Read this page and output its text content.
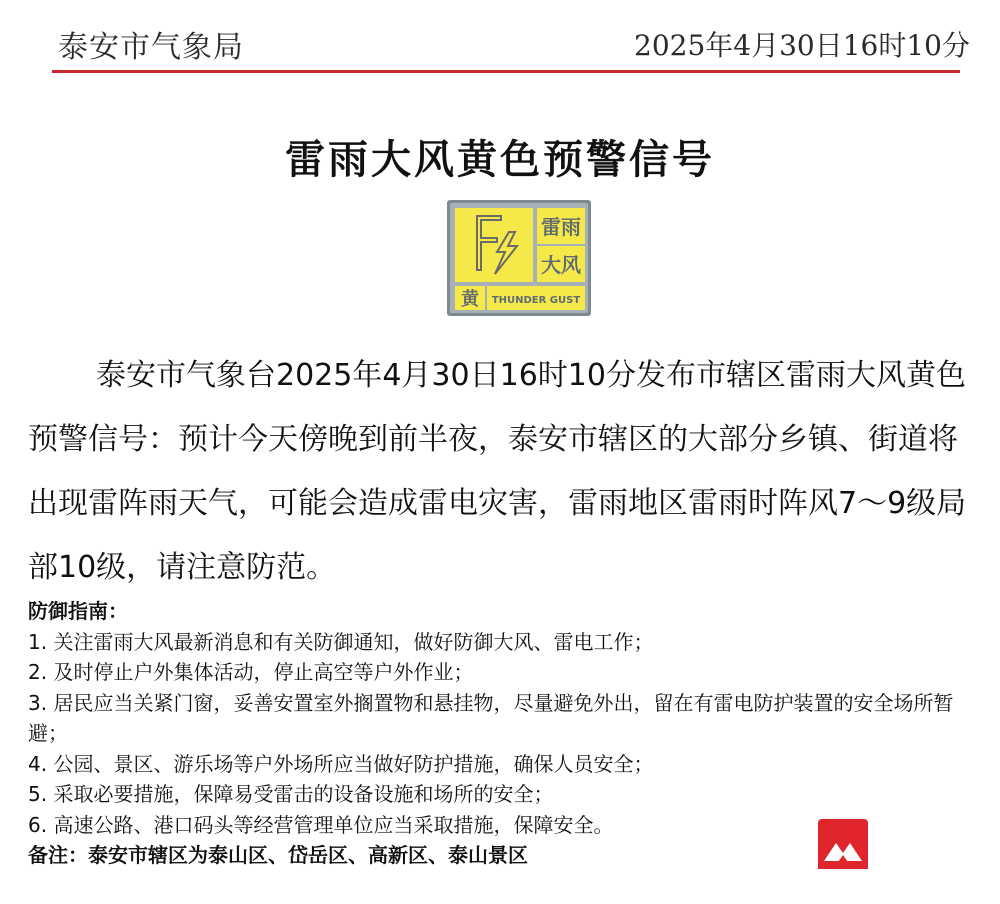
泰安市气象局	2025年4月30日16时10分
雷雨大风黄色预警信号
雷雨
大风
黄 THUNDER GUST

泰安市气象台2025年4月30日16时10分发布市辖区雷雨大风黄色预警信号：预计今天傍晚到前半夜，泰安市辖区的大部分乡镇、街道将出现雷阵雨天气，可能会造成雷电灾害，雷雨地区雷雨时阵风7～9级局部10级，请注意防范。

防御指南：
1. 关注雷雨大风最新消息和有关防御通知，做好防御大风、雷电工作；
2. 及时停止户外集体活动，停止高空等户外作业；
3. 居民应当关紧门窗，妥善安置室外搁置物和悬挂物，尽量避免外出，留在有雷电防护装置的安全场所暂避；
4. 公园、景区、游乐场等户外场所应当做好防护措施，确保人员安全；
5. 采取必要措施，保障易受雷击的设备设施和场所的安全；
6. 高速公路、港口码头等经营管理单位应当采取措施，保障安全。
备注：泰安市辖区为泰山区、岱岳区、高新区、泰山景区
